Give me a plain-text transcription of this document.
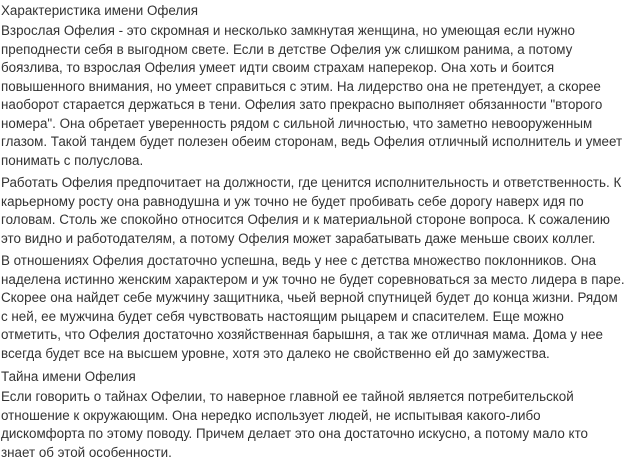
Характеристика имени Офелия

Взрослая Офелия - это скромная и несколько замкнутая женщина, но умеющая если нужно преподнести себя в выгодном свете. Если в детстве Офелия уж слишком ранима, а потому боязлива, то взрослая Офелия умеет идти своим страхам наперекор. Она хоть и боится повышенного внимания, но умеет справиться с этим. На лидерство она не претендует, а скорее наоборот старается держаться в тени. Офелия зато прекрасно выполняет обязанности "второго номера". Она обретает уверенность рядом с сильной личностью, что заметно невооруженным глазом. Такой тандем будет полезен обеим сторонам, ведь Офелия отличный исполнитель и умеет понимать с полуслова.

Работать Офелия предпочитает на должности, где ценится исполнительность и ответственность. К карьерному росту она равнодушна и уж точно не будет пробивать себе дорогу наверх идя по головам. Столь же спокойно относится Офелия и к материальной стороне вопроса. К сожалению это видно и работодателям, а потому Офелия может зарабатывать даже меньше своих коллег.

В отношениях Офелия достаточно успешна, ведь у нее с детства множество поклонников. Она наделена истинно женским характером и уж точно не будет соревноваться за место лидера в паре. Скорее она найдет себе мужчину защитника, чьей верной спутницей будет до конца жизни. Рядом с ней, ее мужчина будет себя чувствовать настоящим рыцарем и спасителем. Еще можно отметить, что Офелия достаточно хозяйственная барышня, а так же отличная мама. Дома у нее всегда будет все на высшем уровне, хотя это далеко не свойственно ей до замужества.

Тайна имени Офелия

Если говорить о тайнах Офелии, то наверное главной ее тайной является потребительской отношение к окружающим. Она нередко использует людей, не испытывая какого-либо дискомфорта по этому поводу. Причем делает это она достаточно искусно, а потому мало кто знает об этой особенности.
